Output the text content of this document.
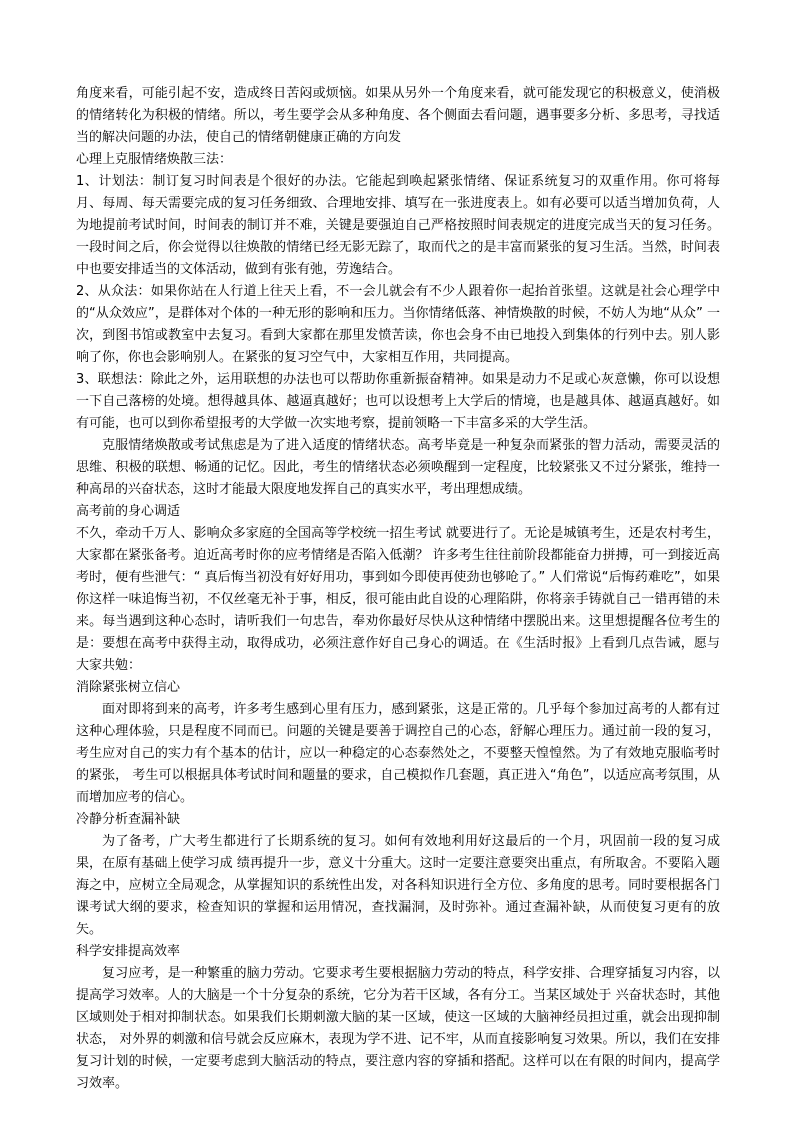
角度来看，可能引起不安，造成终日苦闷或烦恼。如果从另外一个角度来看，就可能发现它的积极意义，使消极的情绪转化为积极的情绪。所以，考生要学会从多种角度、各个侧面去看问题，遇事要多分析、多思考，寻找适当的解决问题的办法，使自己的情绪朝健康正确的方向发

心理上克服情绪焕散三法：

1、计划法：制订复习时间表是个很好的办法。它能起到唤起紧张情绪、保证系统复习的双重作用。你可将每月、每周、每天需要完成的复习任务细致、合理地安排、填写在一张进度表上。如有必要可以适当增加负荷，人为地提前考试时间，时间表的制订并不难，关键是要强迫自己严格按照时间表规定的进度完成当天的复习任务。一段时间之后，你会觉得以往焕散的情绪已经无影无踪了，取而代之的是丰富而紧张的复习生活。当然，时间表中也要安排适当的文体活动，做到有张有弛，劳逸结合。

2、从众法：如果你站在人行道上往天上看，不一会儿就会有不少人跟着你一起抬首张望。这就是社会心理学中的“从众效应”，是群体对个体的一种无形的影响和压力。当你情绪低落、神情焕散的时候，不妨人为地“从众” 一次，到图书馆或教室中去复习。看到大家都在那里发愤苦读，你也会身不由已地投入到集体的行列中去。别人影响了你，你也会影响别人。在紧张的复习空气中，大家相互作用，共同提高。

3、联想法：除此之外，运用联想的办法也可以帮助你重新振奋精神。如果是动力不足或心灰意懒，你可以设想一下自己落榜的处境。想得越具体、越逼真越好；也可以设想考上大学后的情境，也是越具体、越逼真越好。如有可能，也可以到你希望报考的大学做一次实地考察，提前领略一下丰富多采的大学生活。

克服情绪焕散或考试焦虑是为了进入适度的情绪状态。高考毕竟是一种复杂而紧张的智力活动，需要灵活的思维、积极的联想、畅通的记忆。因此，考生的情绪状态必须唤醒到一定程度，比较紧张又不过分紧张，维持一种高昂的兴奋状态，这时才能最大限度地发挥自己的真实水平，考出理想成绩。

高考前的身心调适

不久，牵动千万人、影响众多家庭的全国高等学校统一招生考试 就要进行了。无论是城镇考生，还是农村考生，大家都在紧张备考。迫近高考时你的应考情绪是否陷入低潮？ 许多考生往往前阶段都能奋力拼搏，可一到接近高考时，便有些泄气：“ 真后悔当初没有好好用功，事到如今即使再使劲也够呛了。” 人们常说“后悔药难吃”，如果你这样一味追悔当初，不仅丝毫无补于事，相反，很可能由此自设的心理陷阱，你将亲手铸就自己一错再错的未来。每当遇到这种心态时，请听我们一句忠告，奉劝你最好尽快从这种情绪中摆脱出来。这里想提醒各位考生的是：要想在高考中获得主动，取得成功，必须注意作好自己身心的调适。在《生活时报》上看到几点告诫，愿与大家共勉：

消除紧张树立信心

面对即将到来的高考，许多考生感到心里有压力，感到紧张，这是正常的。几乎每个参加过高考的人都有过这种心理体验，只是程度不同而已。问题的关键是要善于调控自己的心态，舒解心理压力。通过前一段的复习，考生应对自己的实力有个基本的估计，应以一种稳定的心态泰然处之，不要整天惶惶然。为了有效地克服临考时的紧张， 考生可以根据具体考试时间和题量的要求，自己模拟作几套题，真正进入“角色”，以适应高考氛围，从而增加应考的信心。

冷静分析查漏补缺

为了备考，广大考生都进行了长期系统的复习。如何有效地利用好这最后的一个月，巩固前一段的复习成果，在原有基础上使学习成 绩再提升一步，意义十分重大。这时一定要注意要突出重点，有所取舍。不要陷入题海之中，应树立全局观念，从掌握知识的系统性出发，对各科知识进行全方位、多角度的思考。同时要根据各门课考试大纲的要求，检查知识的掌握和运用情况，查找漏洞，及时弥补。通过查漏补缺，从而使复习更有的放矢。

科学安排提高效率

复习应考，是一种繁重的脑力劳动。它要求考生要根据脑力劳动的特点，科学安排、合理穿插复习内容，以提高学习效率。人的大脑是一个十分复杂的系统，它分为若干区域，各有分工。当某区域处于 兴奋状态时，其他区域则处于相对抑制状态。如果我们长期刺激大脑的某一区域，使这一区域的大脑神经员担过重，就会出现抑制状态， 对外界的刺激和信号就会反应麻木，表现为学不进、记不牢，从而直接影响复习效果。所以，我们在安排复习计划的时候，一定要考虑到大脑活动的特点，要注意内容的穿插和搭配。这样可以在有限的时间内，提高学习效率。
